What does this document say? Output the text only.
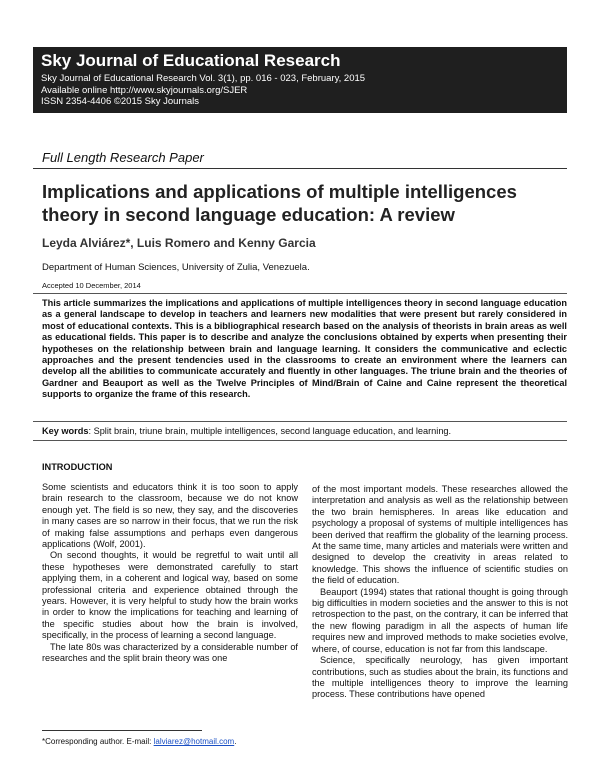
Sky Journal of Educational Research
Sky Journal of Educational Research Vol. 3(1), pp. 016 - 023, February, 2015
Available online http://www.skyjournals.org/SJER
ISSN 2354-4406 ©2015 Sky Journals
Full Length Research Paper
Implications and applications of multiple intelligences theory in second language education: A review
Leyda Alviárez*, Luis Romero and Kenny Garcia
Department of Human Sciences, University of Zulia, Venezuela.
Accepted 10 December, 2014
This article summarizes the implications and applications of multiple intelligences theory in second language education as a general landscape to develop in teachers and learners new modalities that were present but rarely considered in most of educational contexts. This is a bibliographical research based on the analysis of theorists in brain areas as well as educational fields. This paper is to describe and analyze the conclusions obtained by experts when presenting their hypotheses on the relationship between brain and language learning. It considers the communicative and eclectic approaches and the present tendencies used in the classrooms to create an environment where the learners can develop all the abilities to communicate accurately and fluently in other languages. The triune brain and the theories of Gardner and Beauport as well as the Twelve Principles of Mind/Brain of Caine and Caine represent the theoretical supports to organize the frame of this research.
Key words: Split brain, triune brain, multiple intelligences, second language education, and learning.
INTRODUCTION

Some scientists and educators think it is too soon to apply brain research to the classroom, because we do not know enough yet. The field is so new, they say, and the discoveries in many cases are so narrow in their focus, that we run the risk of making false assumptions and perhaps even dangerous applications (Wolf, 2001).

On second thoughts, it would be regretful to wait until all these hypotheses were demonstrated carefully to start applying them, in a coherent and logical way, based on some professional criteria and experience obtained through the years. However, it is very helpful to study how the brain works in order to know the implications for teaching and learning of the specific studies about how the brain is involved, specifically, in the process of learning a second language.

The late 80s was characterized by a considerable number of researches and the split brain theory was one

of the most important models. These researches allowed the interpretation and analysis as well as the relationship between the two brain hemispheres. In areas like education and psychology a proposal of systems of multiple intelligences has been derived that reaffirm the globality of the learning process. At the same time, many articles and materials were written and designed to develop the creativity in areas related to knowledge. This shows the influence of scientific studies on the field of education.

Beauport (1994) states that rational thought is going through big difficulties in modern societies and the answer to this is not retrospection to the past, on the contrary, it can be inferred that the new flowing paradigm in all the aspects of human life requires new and improved methods to make societies evolve, where, of course, education is not far from this landscape.

Science, specifically neurology, has given important contributions, such as studies about the brain, its functions and the multiple intelligences theory to improve the learning process. These contributions have opened

*Corresponding author. E-mail: lalviarez@hotmail.com.
